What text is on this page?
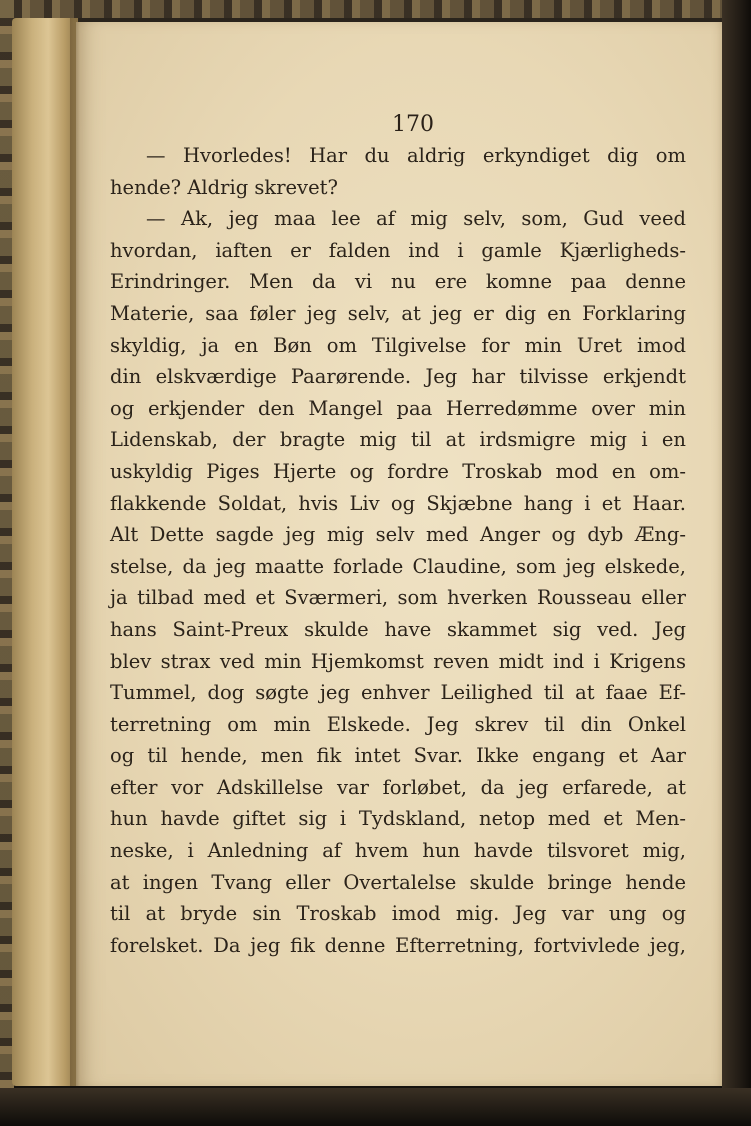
170
— Hvorledes! Har du aldrig erkyndiget dig om
hende? Aldrig skrevet?
— Ak, jeg maa lee af mig selv, som, Gud veed
hvordan, iaften er falden ind i gamle Kjærligheds-
Erindringer. Men da vi nu ere komne paa denne
Materie, saa føler jeg selv, at jeg er dig en Forklaring
skyldig, ja en Bøn om Tilgivelse for min Uret imod
din elskværdige Paarørende. Jeg har tilvisse erkjendt
og erkjender den Mangel paa Herredømme over min
Lidenskab, der bragte mig til at irdsmigre mig i en
uskyldig Piges Hjerte og fordre Troskab mod en om-
flakkende Soldat, hvis Liv og Skjæbne hang i et Haar.
Alt Dette sagde jeg mig selv med Anger og dyb Æng-
stelse, da jeg maatte forlade Claudine, som jeg elskede,
ja tilbad med et Sværmeri, som hverken Rousseau eller
hans Saint-Preux skulde have skammet sig ved. Jeg
blev strax ved min Hjemkomst reven midt ind i Krigens
Tummel, dog søgte jeg enhver Leilighed til at faae Ef-
terretning om min Elskede. Jeg skrev til din Onkel
og til hende, men fik intet Svar. Ikke engang et Aar
efter vor Adskillelse var forløbet, da jeg erfarede, at
hun havde giftet sig i Tydskland, netop med et Men-
neske, i Anledning af hvem hun havde tilsvoret mig,
at ingen Tvang eller Overtalelse skulde bringe hende
til at bryde sin Troskab imod mig. Jeg var ung og
forelsket. Da jeg fik denne Efterretning, fortvivlede jeg,
